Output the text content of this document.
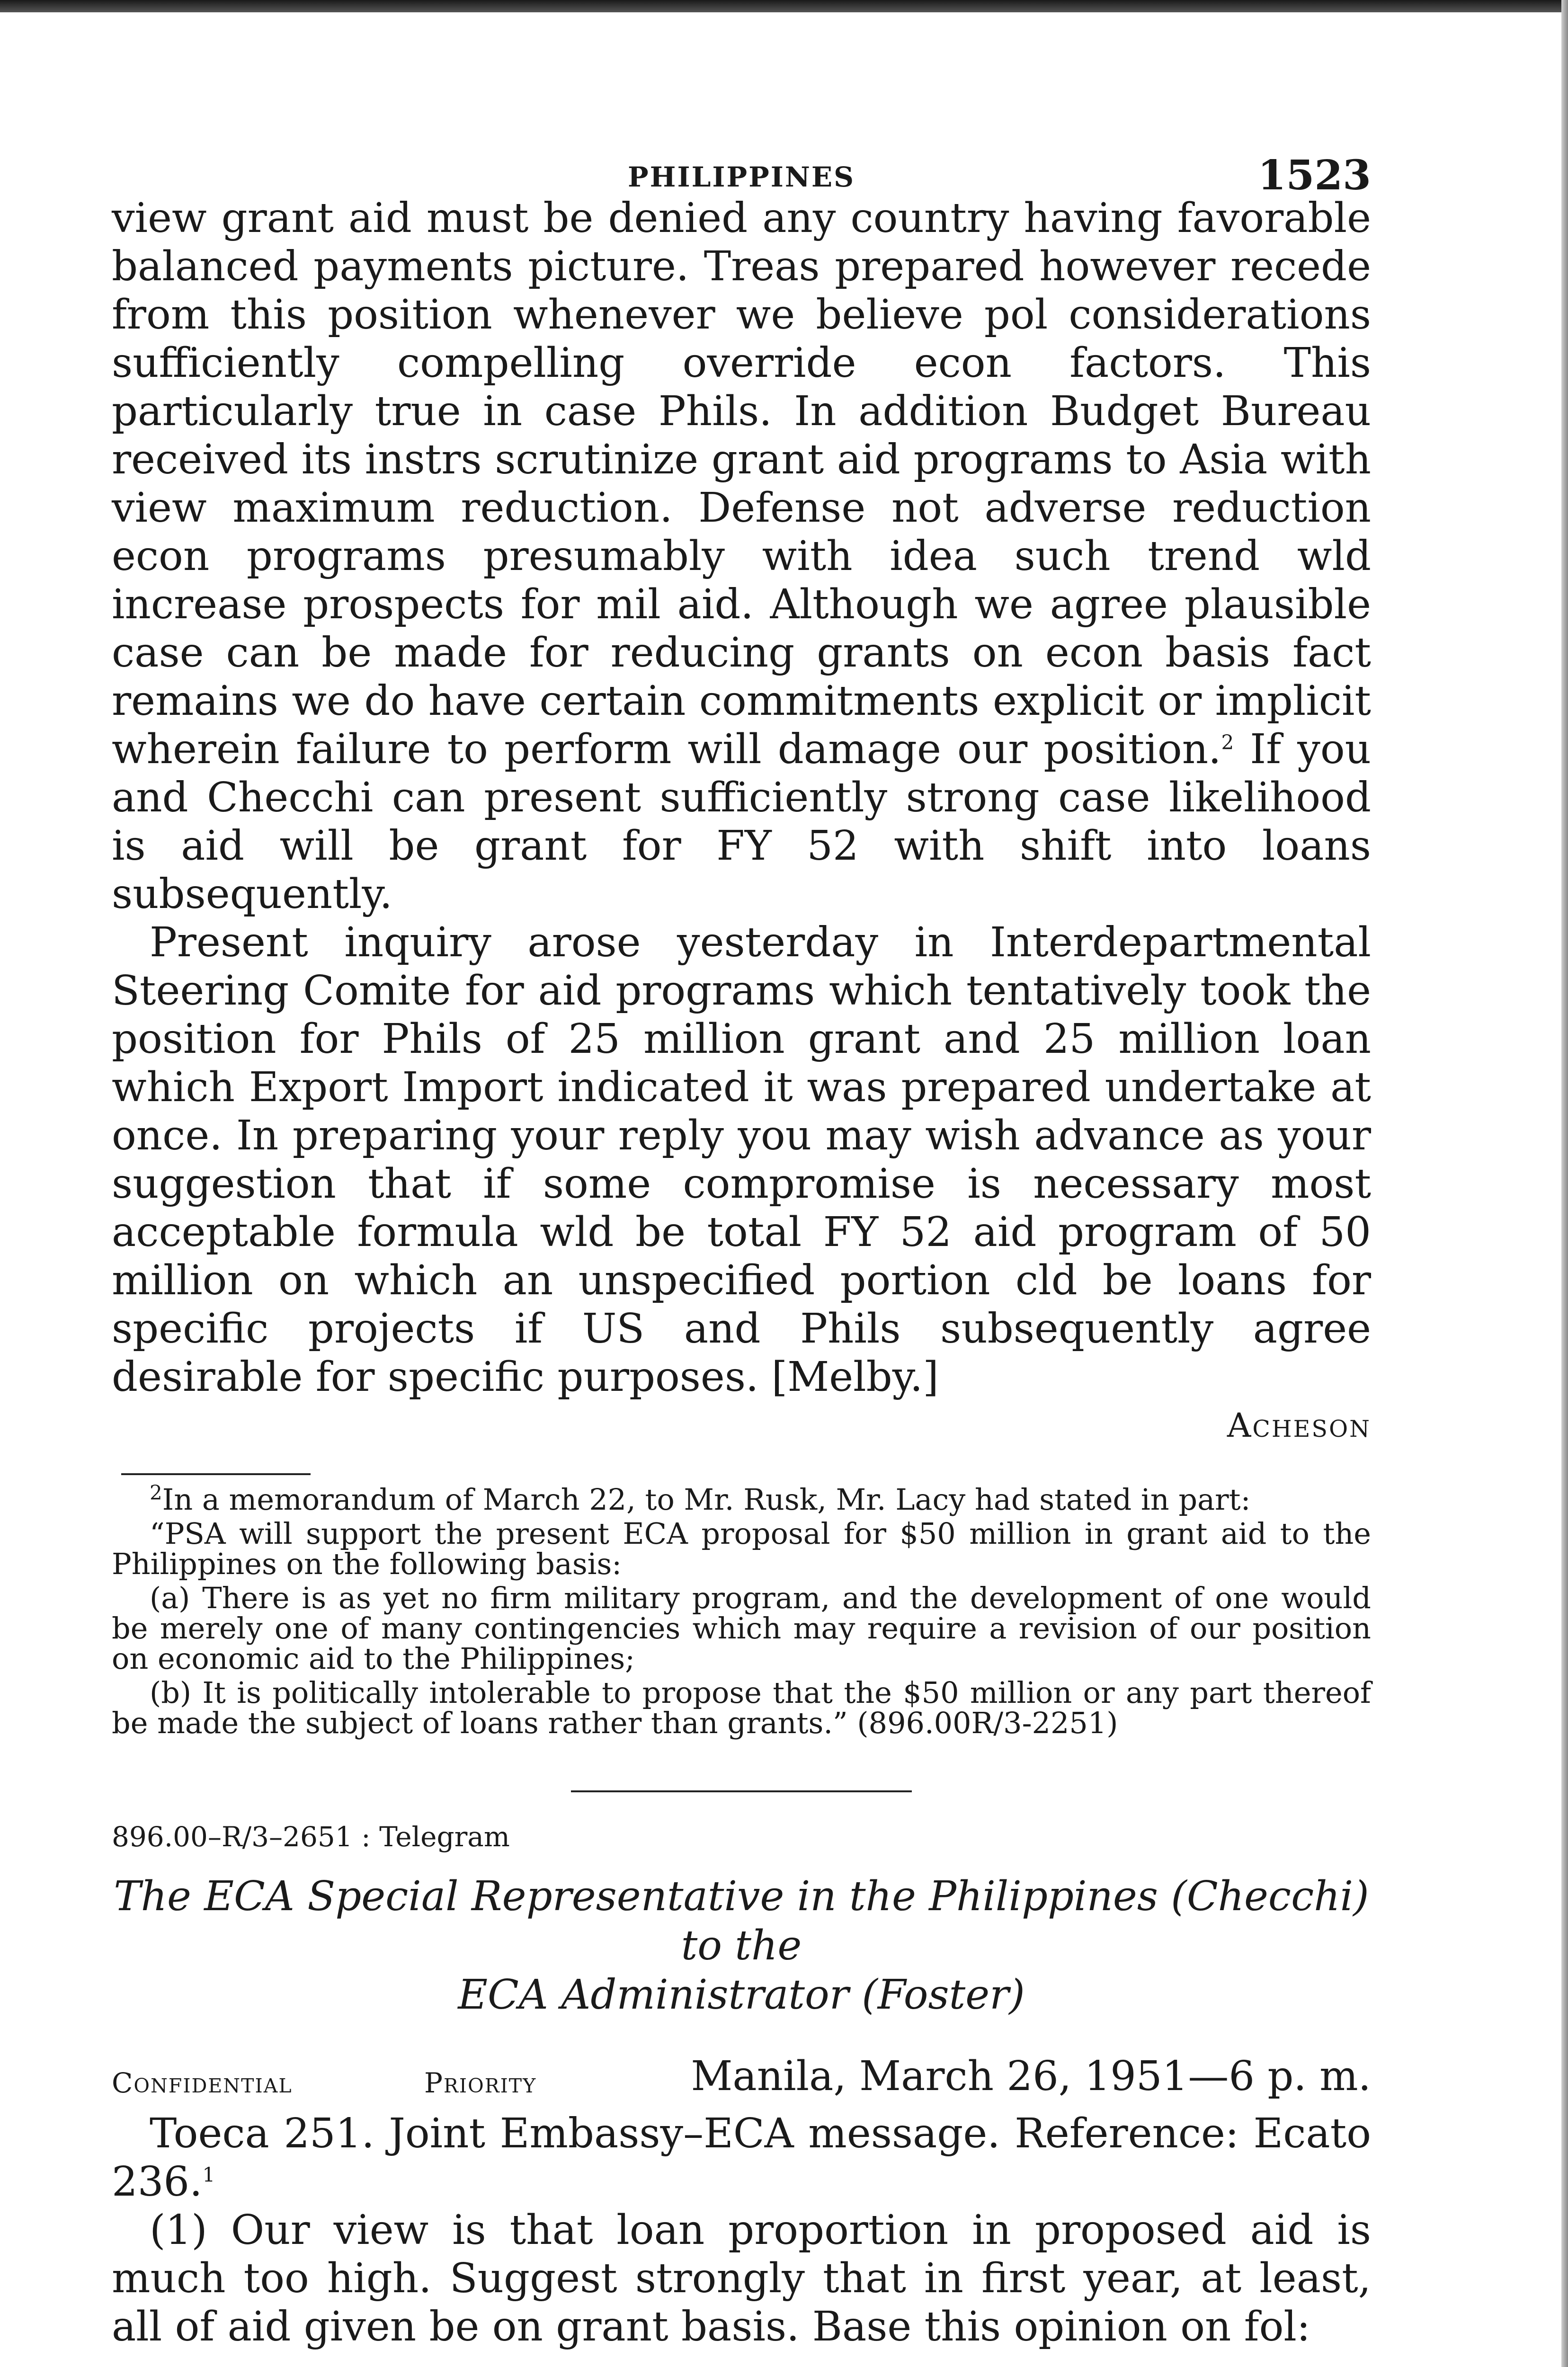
PHILIPPINES	1523

view grant aid must be denied any country having favorable balanced payments picture. Treas prepared however recede from this position whenever we believe pol considerations sufficiently compelling override econ factors. This particularly true in case Phils. In addition Budget Bureau received its instrs scrutinize grant aid programs to Asia with view maximum reduction. Defense not adverse reduction econ programs presumably with idea such trend wld increase prospects for mil aid. Although we agree plausible case can be made for reducing grants on econ basis fact remains we do have certain commitments explicit or implicit wherein failure to perform will damage our position.$^2$ If you and Checchi can present sufficiently strong case likelihood is aid will be grant for FY 52 with shift into loans subsequently.

Present inquiry arose yesterday in Interdepartmental Steering Comite for aid programs which tentatively took the position for Phils of 25 million grant and 25 million loan which Export Import indicated it was prepared undertake at once. In preparing your reply you may wish advance as your suggestion that if some compromise is necessary most acceptable formula wld be total FY 52 aid program of 50 million on which an unspecified portion cld be loans for specific projects if US and Phils subsequently agree desirable for specific purposes. [Melby.]

Acheson

$^2$In a memorandum of March 22, to Mr. Rusk, Mr. Lacy had stated in part:

“PSA will support the present ECA proposal for $50 million in grant aid to the Philippines on the following basis:

(a) There is as yet no firm military program, and the development of one would be merely one of many contingencies which may require a revision of our position on economic aid to the Philippines;

(b) It is politically intolerable to propose that the $50 million or any part thereof be made the subject of loans rather than grants.” (896.00R/3-2251)

896.00–R/3–2651 : Telegram
The ECA Special Representative in the Philippines (Checchi) to the
ECA Administrator (Foster)
Confidential	Priority	Manila, March 26, 1951—6 p. m.

Toeca 251. Joint Embassy–ECA message. Reference: Ecato 236.$^1$

(1) Our view is that loan proportion in proposed aid is much too high. Suggest strongly that in first year, at least, all of aid given be on grant basis. Base this opinion on fol:
